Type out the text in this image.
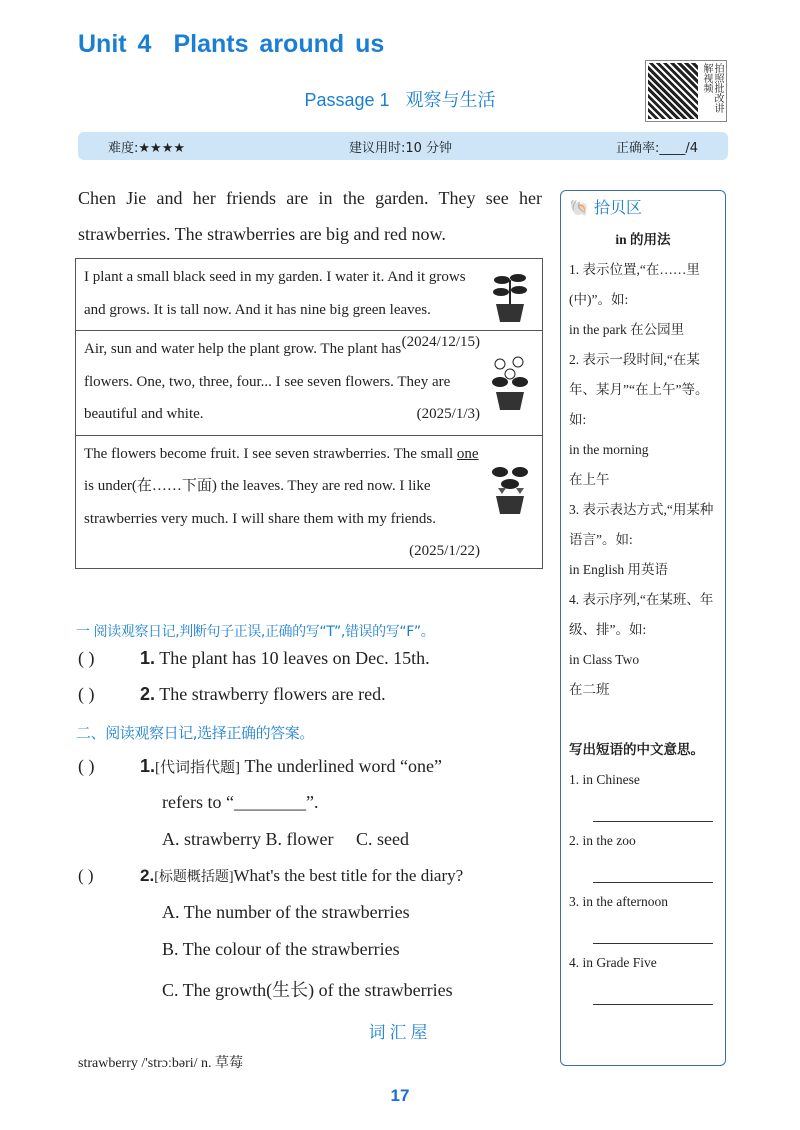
Unit 4 Plants around us
Passage 1 观察与生活	拍照批改讲解视频
难度:★★★★	建议用时:10 分钟	正确率:____/4
Chen Jie and her friends are in the garden. They see her strawberries. The strawberries are big and red now.
I plant a small black seed in my garden. I water it. And it grows and grows. It is tall now. And it has nine big green leaves.
(2024/12/15)
Air, sun and water help the plant grow. The plant has flowers. One, two, three, four... I see seven flowers. They are beautiful and white.	(2025/1/3)
The flowers become fruit. I see seven strawberries. The small one is under(在……下面) the leaves. They are red now. I like strawberries very much. I will share them with my friends.
(2025/1/22)
🐚 拾贝区
in 的用法
1. 表示位置,“在……里(中)”。如:
in the park 在公园里
2. 表示一段时间,“在某年、某月”“在上午”等。如:
in the morning
在上午
3. 表示表达方式,“用某种语言”。如:
in English 用英语
4. 表示序列,“在某班、年级、排”。如:
in Class Two
在二班
写出短语的中文意思。
1. in Chinese
2. in the zoo
3. in the afternoon
4. in Grade Five
一 阅读观察日记,判断句子正误,正确的写“T”,错误的写“F”。
( )	1. The plant has 10 leaves on Dec. 15th.
( )	2. The strawberry flowers are red.
二、阅读观察日记,选择正确的答案。
( )	1.[代词指代题] The underlined word “one”
refers to “________”.
A. strawberry B. flower C. seed
( )	2.[标题概括题]What's the best title for the diary?
A. The number of the strawberries
B. The colour of the strawberries
C. The growth(生长) of the strawberries
词汇屋
strawberry /'strɔːbəri/ n. 草莓
17
